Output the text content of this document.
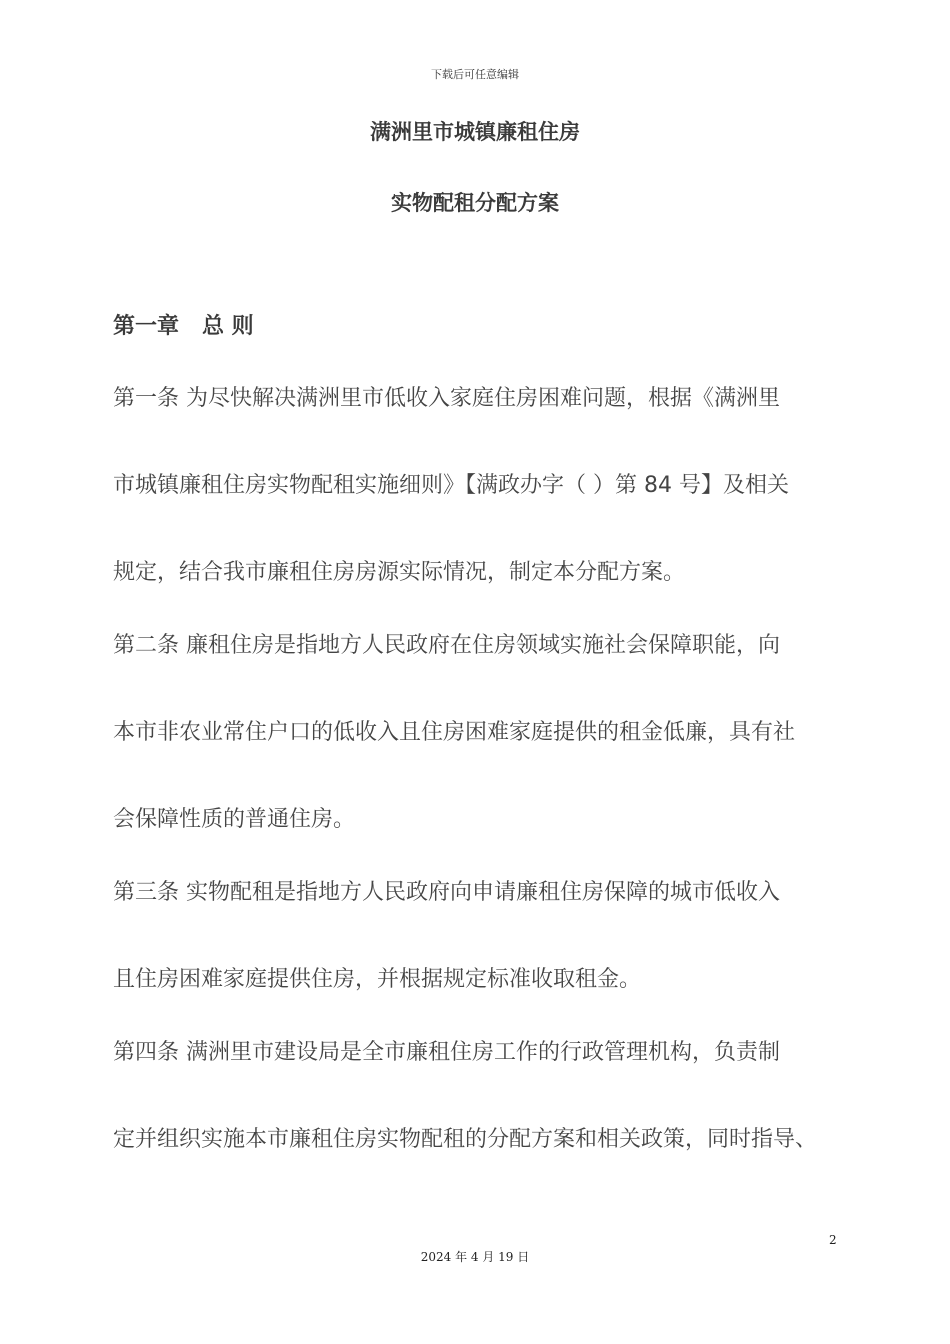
下载后可任意编辑
满洲里市城镇廉租住房
实物配租分配方案
第一章   总 则
第一条 为尽快解决满洲里市低收入家庭住房困难问题，根据《满洲里
市城镇廉租住房实物配租实施细则》【满政办字（ ）第 84 号】及相关
规定，结合我市廉租住房房源实际情况，制定本分配方案。
第二条 廉租住房是指地方人民政府在住房领域实施社会保障职能，向
本市非农业常住户口的低收入且住房困难家庭提供的租金低廉，具有社
会保障性质的普通住房。
第三条 实物配租是指地方人民政府向申请廉租住房保障的城市低收入
且住房困难家庭提供住房，并根据规定标准收取租金。
第四条 满洲里市建设局是全市廉租住房工作的行政管理机构，负责制
定并组织实施本市廉租住房实物配租的分配方案和相关政策，同时指导、
2
2024 年 4 月 19 日
